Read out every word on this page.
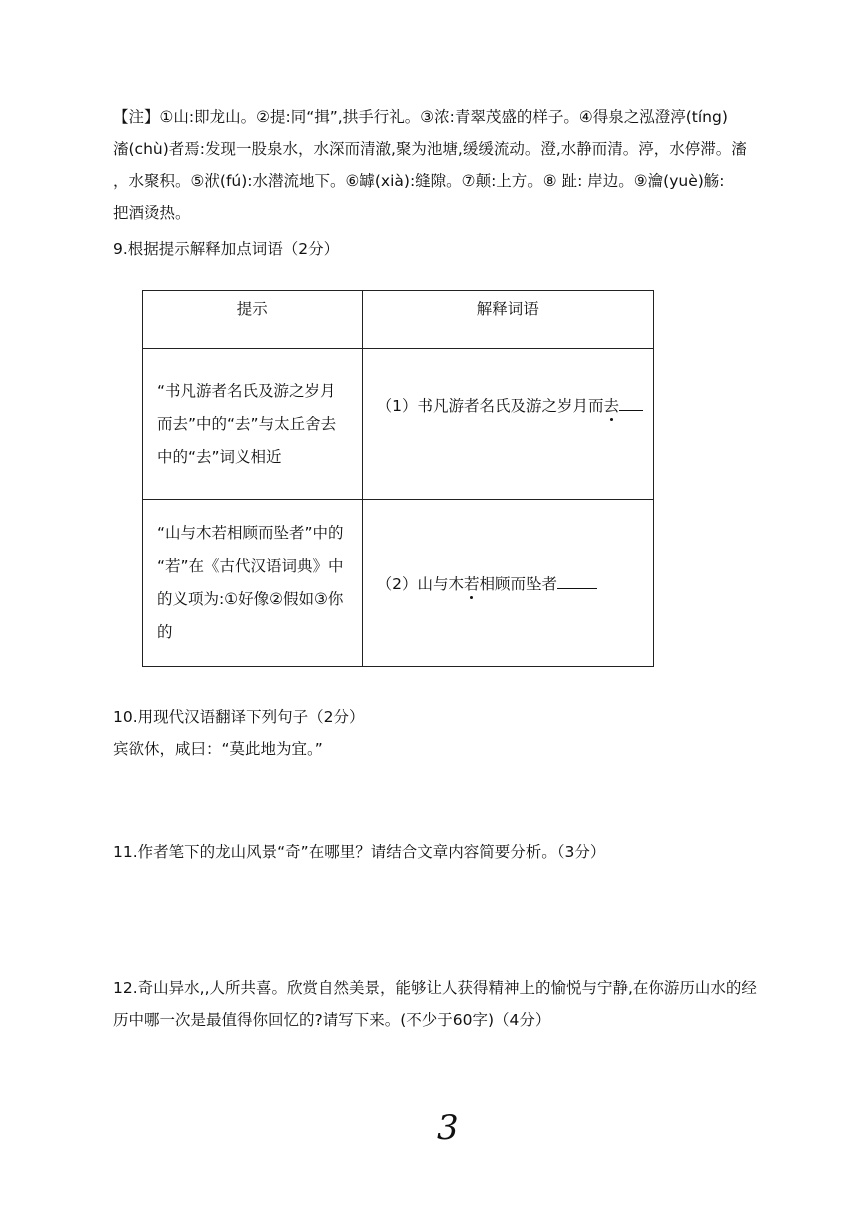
【注】①山:即龙山。②提:同“揖”,拱手行礼。③浓:青翠茂盛的样子。④得泉之泓澄渟(tíng)
滀(chù)者焉:发现一股泉水，水深而清澈,聚为池塘,缓缓流动。澄,水静而清。渟，水停滞。滀
，水聚积。⑤洑(fú):水潜流地下。⑥罅(xià):缝隙。⑦颠:上方。⑧ 趾: 岸边。⑨瀹(yuè)觞:
把酒烫热。
9.根据提示解释加点词语（2分）
提示	解释词语

“书凡游者名氏及游之岁月
而去”中的“去”与太丘舍去
中的“去”词义相近	（1）书凡游者名氏及游之岁月而去

“山与木若相顾而坠者”中的
“若”在《古代汉语词典》中
的义项为:①好像②假如③你
的	（2）山与木若相顾而坠者
10.用现代汉语翻译下列句子（2分）
宾欲休，咸曰：“莫此地为宜。”
11.作者笔下的龙山风景“奇”在哪里？请结合文章内容简要分析。（3分）
12.奇山异水,,人所共喜。欣赏自然美景，能够让人获得精神上的愉悦与宁静,在你游历山水的经
历中哪一次是最值得你回忆的?请写下来。(不少于60字)（4分）
3
